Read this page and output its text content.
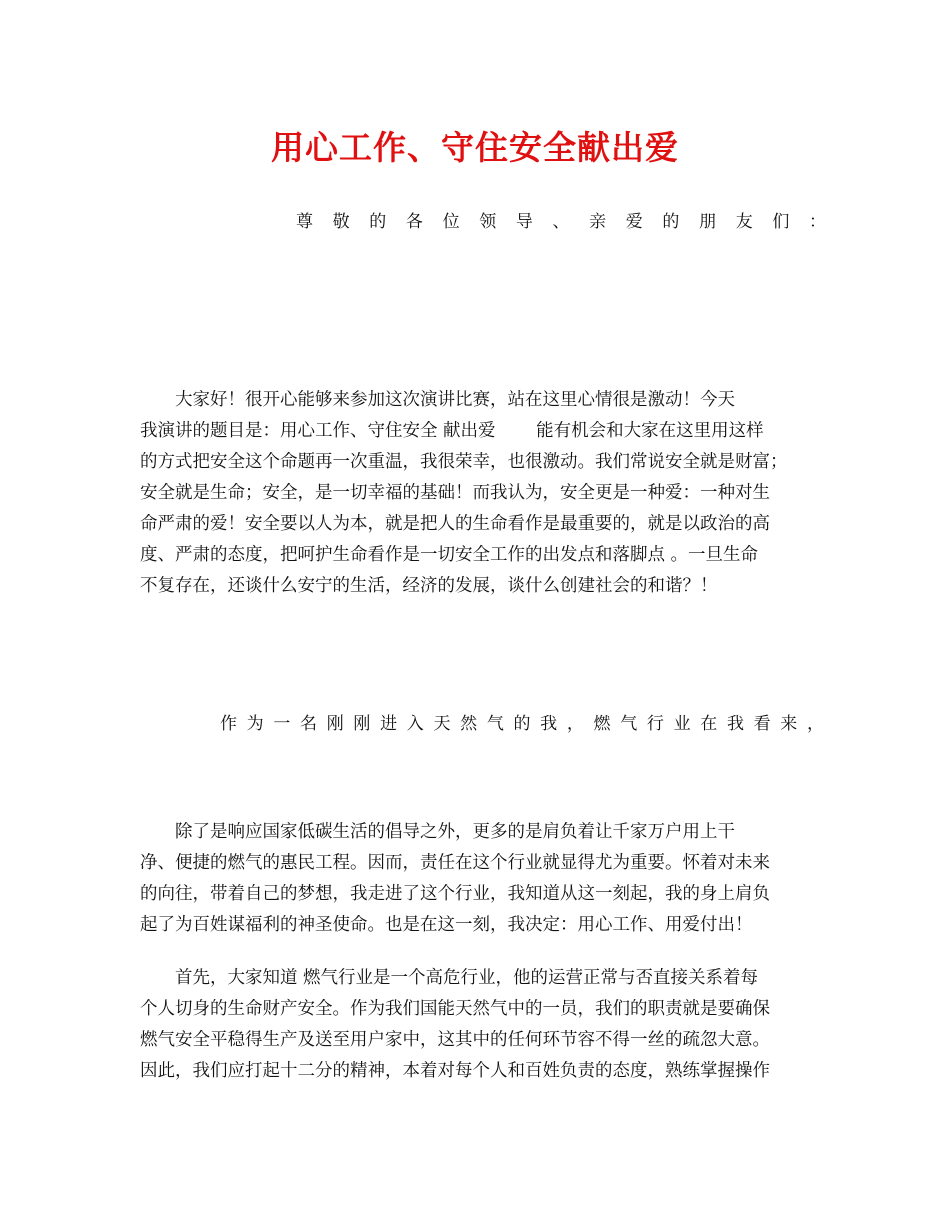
用心工作、守住安全献出爱
尊 敬 的 各 位 领 导 、 亲 爱 的 朋 友 们 ：
　　大家好！很开心能够来参加这次演讲比赛，站在这里心情很是激动！今天
我演讲的题目是：用心工作、守住安全 献出爱　　 能有机会和大家在这里用这样
的方式把安全这个命题再一次重温，我很荣幸，也很激动。我们常说安全就是财富；
安全就是生命；安全，是一切幸福的基础！而我认为，安全更是一种爱：一种对生
命严肃的爱！安全要以人为本，就是把人的生命看作是最重要的，就是以政治的高
度、严肃的态度，把呵护生命看作是一切安全工作的出发点和落脚点 。一旦生命
不复存在，还谈什么安宁的生活，经济的发展，谈什么创建社会的和谐？！
作 为 一 名 刚 刚 进 入 天 然 气 的 我 ， 燃 气 行 业 在 我 看 来 ，
　　除了是响应国家低碳生活的倡导之外，更多的是肩负着让千家万户用上干
净、便捷的燃气的惠民工程。因而，责任在这个行业就显得尤为重要。怀着对未来
的向往，带着自己的梦想，我走进了这个行业，我知道从这一刻起，我的身上肩负
起了为百姓谋福利的神圣使命。也是在这一刻，我决定：用心工作、用爱付出！
　　首先，大家知道 燃气行业是一个高危行业，他的运营正常与否直接关系着每
个人切身的生命财产安全。作为我们国能天然气中的一员，我们的职责就是要确保
燃气安全平稳得生产及送至用户家中，这其中的任何环节容不得一丝的疏忽大意。
因此，我们应打起十二分的精神，本着对每个人和百姓负责的态度，熟练掌握操作
